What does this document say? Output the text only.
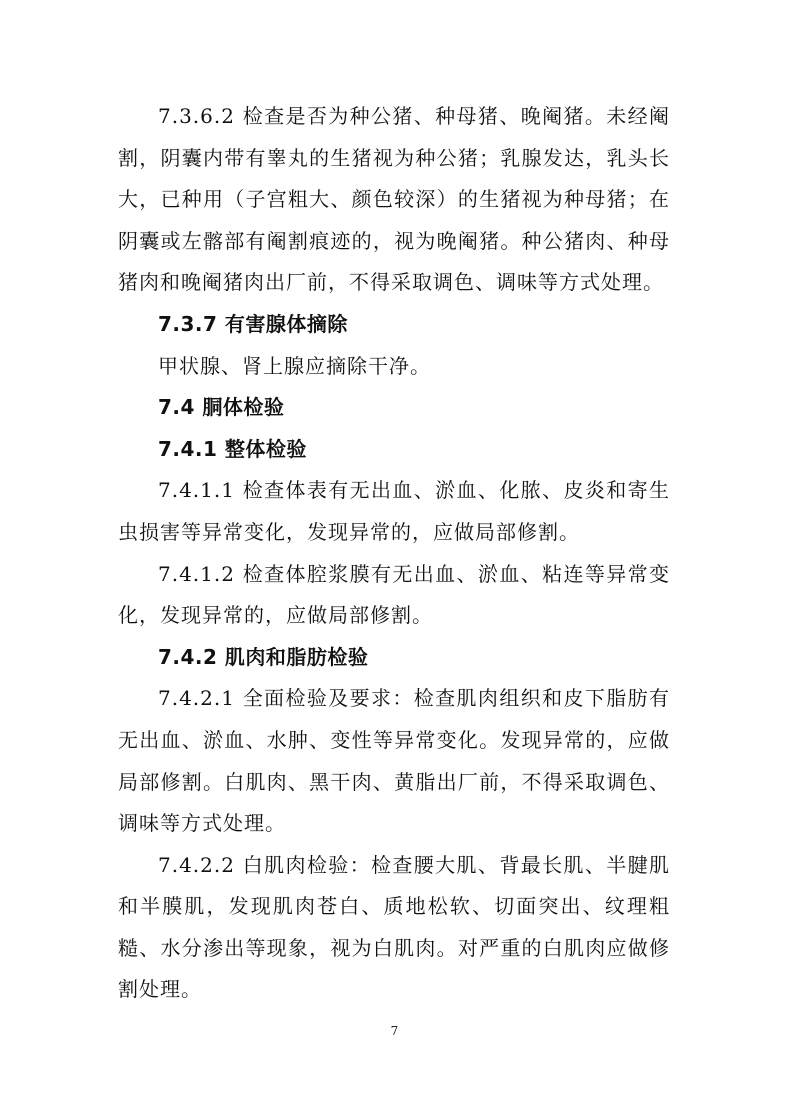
7.3.6.2 检查是否为种公猪、种母猪、晚阉猪。未经阉割，阴囊内带有睾丸的生猪视为种公猪；乳腺发达，乳头长大，已种用（子宫粗大、颜色较深）的生猪视为种母猪；在阴囊或左髂部有阉割痕迹的，视为晚阉猪。种公猪肉、种母猪肉和晚阉猪肉出厂前，不得采取调色、调味等方式处理。

7.3.7 有害腺体摘除

甲状腺、肾上腺应摘除干净。

7.4 胴体检验

7.4.1 整体检验

7.4.1.1 检查体表有无出血、淤血、化脓、皮炎和寄生虫损害等异常变化，发现异常的，应做局部修割。

7.4.1.2 检查体腔浆膜有无出血、淤血、粘连等异常变化，发现异常的，应做局部修割。

7.4.2 肌肉和脂肪检验

7.4.2.1 全面检验及要求：检查肌肉组织和皮下脂肪有无出血、淤血、水肿、变性等异常变化。发现异常的，应做局部修割。白肌肉、黑干肉、黄脂出厂前，不得采取调色、调味等方式处理。

7.4.2.2 白肌肉检验：检查腰大肌、背最长肌、半腱肌和半膜肌，发现肌肉苍白、质地松软、切面突出、纹理粗糙、水分渗出等现象，视为白肌肉。对严重的白肌肉应做修割处理。

7
